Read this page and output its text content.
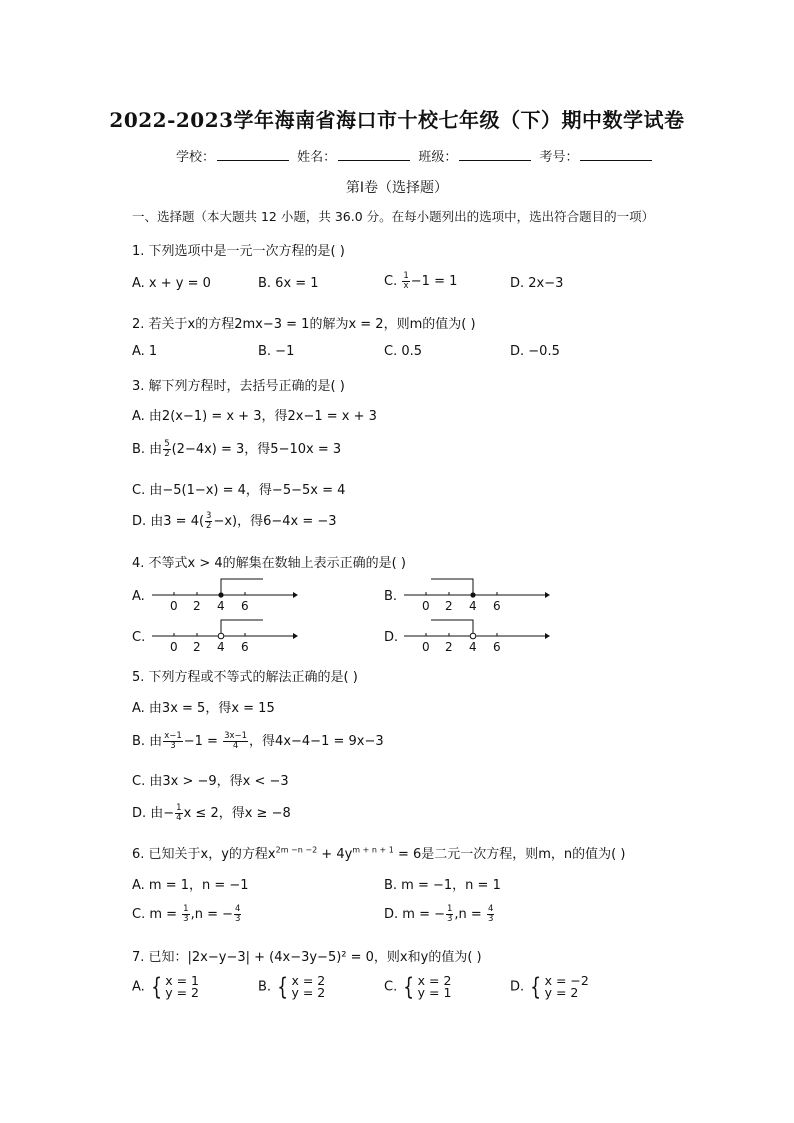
2022-2023学年海南省海口市十校七年级（下）期中数学试卷
学校：	姓名：	班级：	考号：
第Ⅰ卷（选择题）
一、选择题（本大题共 12 小题，共 36.0 分。在每小题列出的选项中，选出符合题目的一项）
1. 下列选项中是一元一次方程的是( )
A. x + y = 0	B. 6x = 1	C. $\frac{1}{x} -1 = 1$	D. 2x−3
2. 若关于x的方程2mx−3 = 1的解为x = 2，则m的值为( )
A. 1	B. −1	C. 0.5	D. −0.5
3. 解下列方程时，去括号正确的是( )
A. 由2(x−1) = x + 3，得2x−1 = x + 3
B. 由 $\frac{5}{2} (2-4x) = 3$，得5−10x = 3
C. 由−5(1−x) = 4，得−5−5x = 4
D. 由$3 = 4( \frac{3}{2} -x)$，得6−4x = −3
4. 不等式x > 4的解集在数轴上表示正确的是( )
A.	B.
C.	D.
0 2 4 6	0 2 4 6
0 2 4 6	0 2 4 6
5. 下列方程或不等式的解法正确的是( )
A. 由3x = 5，得x = 15
B. 由 $\frac{x-1}{3} -1 = \frac{3x-1}{4}$ ，得4x−4−1 = 9x−3
C. 由3x > −9，得x < −3
D. 由− $\frac{1}{4}$ x ≤ 2，得x ≥ −8
6. 已知关于x，y的方程$x^{2m -n -2} + 4y^{m + n + 1} = 6$是二元一次方程，则m，n的值为( )
A. m = 1，n = −1	B. m = −1，n = 1
C. $m = \frac{1}{3} ,n$ = − $\frac{4}{3}$	D. m = − $\frac{1}{3} ,n = \frac{4}{3}$
7. 已知：|2x−y−3| + (4x−3y−5)² = 0，则x和y的值为( )
A. { x = 1
y = 2	B. { x = 2
y = 2	C. { x = 2
y = 1	D. { x = −2
y = 2
